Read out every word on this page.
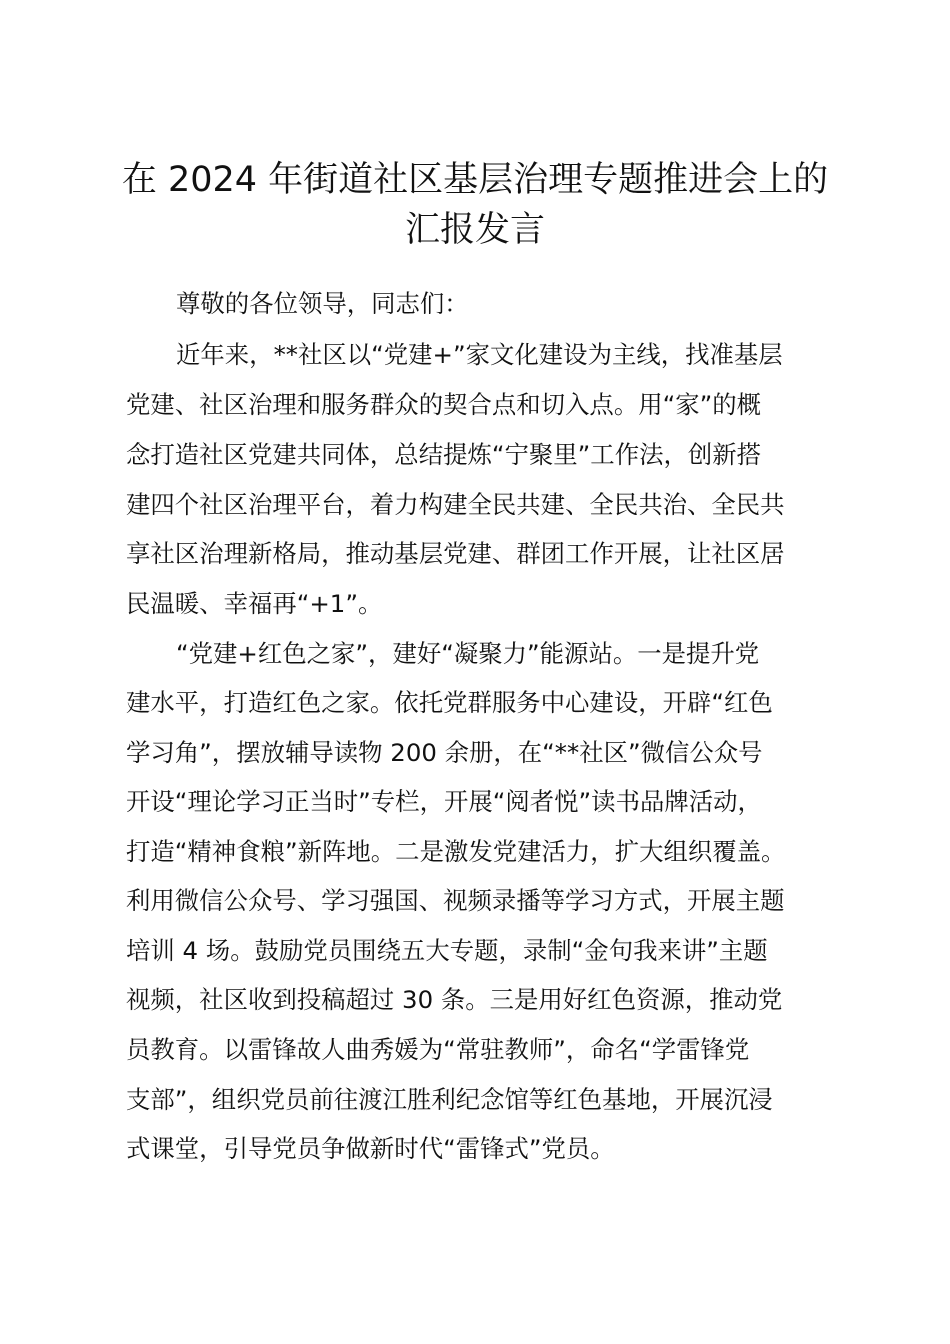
在 2024 年街道社区基层治理专题推进会上的
汇报发言

尊敬的各位领导，同志们：

近年来，**社区以“党建+”家文化建设为主线，找准基层

党建、社区治理和服务群众的契合点和切入点。用“家”的概

念打造社区党建共同体，总结提炼“宁聚里”工作法，创新搭

建四个社区治理平台，着力构建全民共建、全民共治、全民共

享社区治理新格局，推动基层党建、群团工作开展，让社区居

民温暖、幸福再“+1”。

“党建+红色之家”，建好“凝聚力”能源站。一是提升党

建水平，打造红色之家。依托党群服务中心建设，开辟“红色

学习角”，摆放辅导读物 200 余册，在“**社区”微信公众号

开设“理论学习正当时”专栏，开展“阅者悦”读书品牌活动，

打造“精神食粮”新阵地。二是激发党建活力，扩大组织覆盖。

利用微信公众号、学习强国、视频录播等学习方式，开展主题

培训 4 场。鼓励党员围绕五大专题，录制“金句我来讲”主题

视频，社区收到投稿超过 30 条。三是用好红色资源，推动党

员教育。以雷锋故人曲秀媛为“常驻教师”，命名“学雷锋党

支部”，组织党员前往渡江胜利纪念馆等红色基地，开展沉浸

式课堂，引导党员争做新时代“雷锋式”党员。
